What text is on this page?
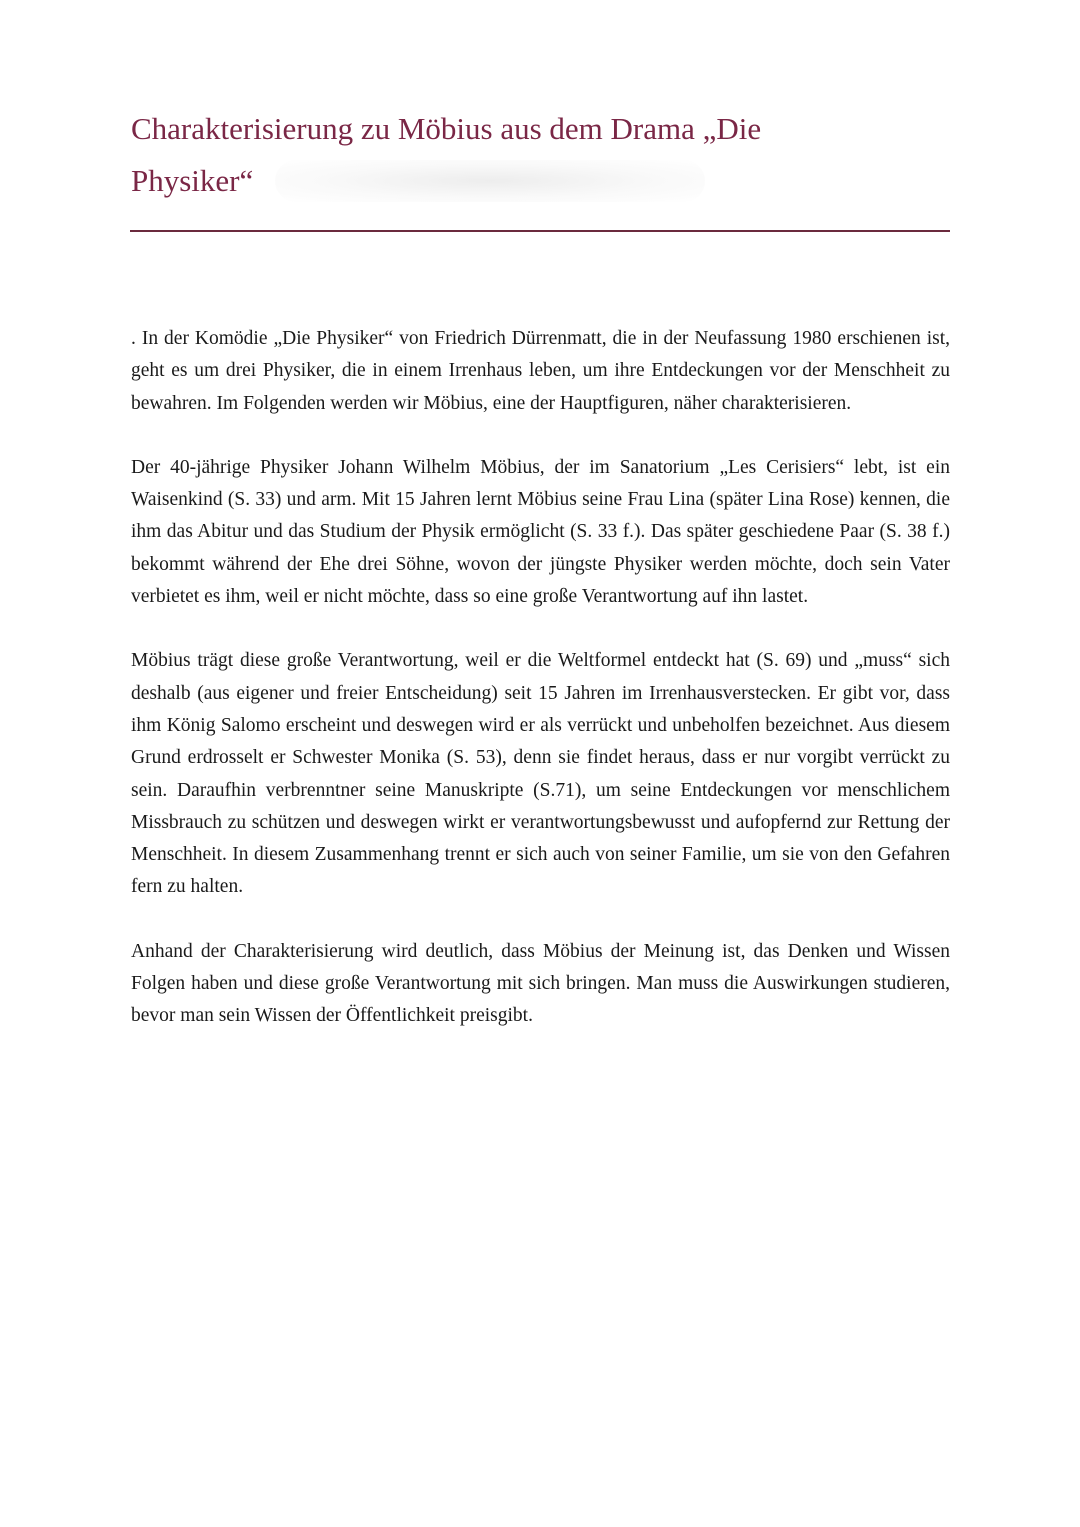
Charakterisierung zu Möbius aus dem Drama „Die Physiker“

. In der Komödie „Die Physiker“ von Friedrich Dürrenmatt, die in der Neufassung 1980 erschienen ist, geht es um drei Physiker, die in einem Irrenhaus leben, um ihre Entdeckungen vor der Menschheit zu bewahren. Im Folgenden werden wir Möbius, eine der Hauptfiguren, näher charakterisieren.

Der 40-jährige Physiker Johann Wilhelm Möbius, der im Sanatorium „Les Cerisiers“ lebt, ist ein Waisenkind (S. 33) und arm. Mit 15 Jahren lernt Möbius seine Frau Lina (später Lina Rose) kennen, die ihm das Abitur und das Studium der Physik ermöglicht (S. 33 f.). Das später geschiedene Paar (S. 38 f.) bekommt während der Ehe drei Söhne, wovon der jüngste Physiker werden möchte, doch sein Vater verbietet es ihm, weil er nicht möchte, dass so eine große Verantwortung auf ihn lastet.

Möbius trägt diese große Verantwortung, weil er die Weltformel entdeckt hat (S. 69) und „muss“ sich deshalb (aus eigener und freier Entscheidung) seit 15 Jahren im Irrenhausverstecken. Er gibt vor, dass ihm König Salomo erscheint und deswegen wird er als verrückt und unbeholfen bezeichnet. Aus diesem Grund erdrosselt er Schwester Monika (S. 53), denn sie findet heraus, dass er nur vorgibt verrückt zu sein. Daraufhin verbrenntner seine Manuskripte (S.71), um seine Entdeckungen vor menschlichem Missbrauch zu schützen und deswegen wirkt er verantwortungsbewusst und aufopfernd zur Rettung der Menschheit. In diesem Zusammenhang trennt er sich auch von seiner Familie, um sie von den Gefahren fern zu halten.

Anhand der Charakterisierung wird deutlich, dass Möbius der Meinung ist, das Denken und Wissen Folgen haben und diese große Verantwortung mit sich bringen. Man muss die Auswirkungen studieren, bevor man sein Wissen der Öffentlichkeit preisgibt.
